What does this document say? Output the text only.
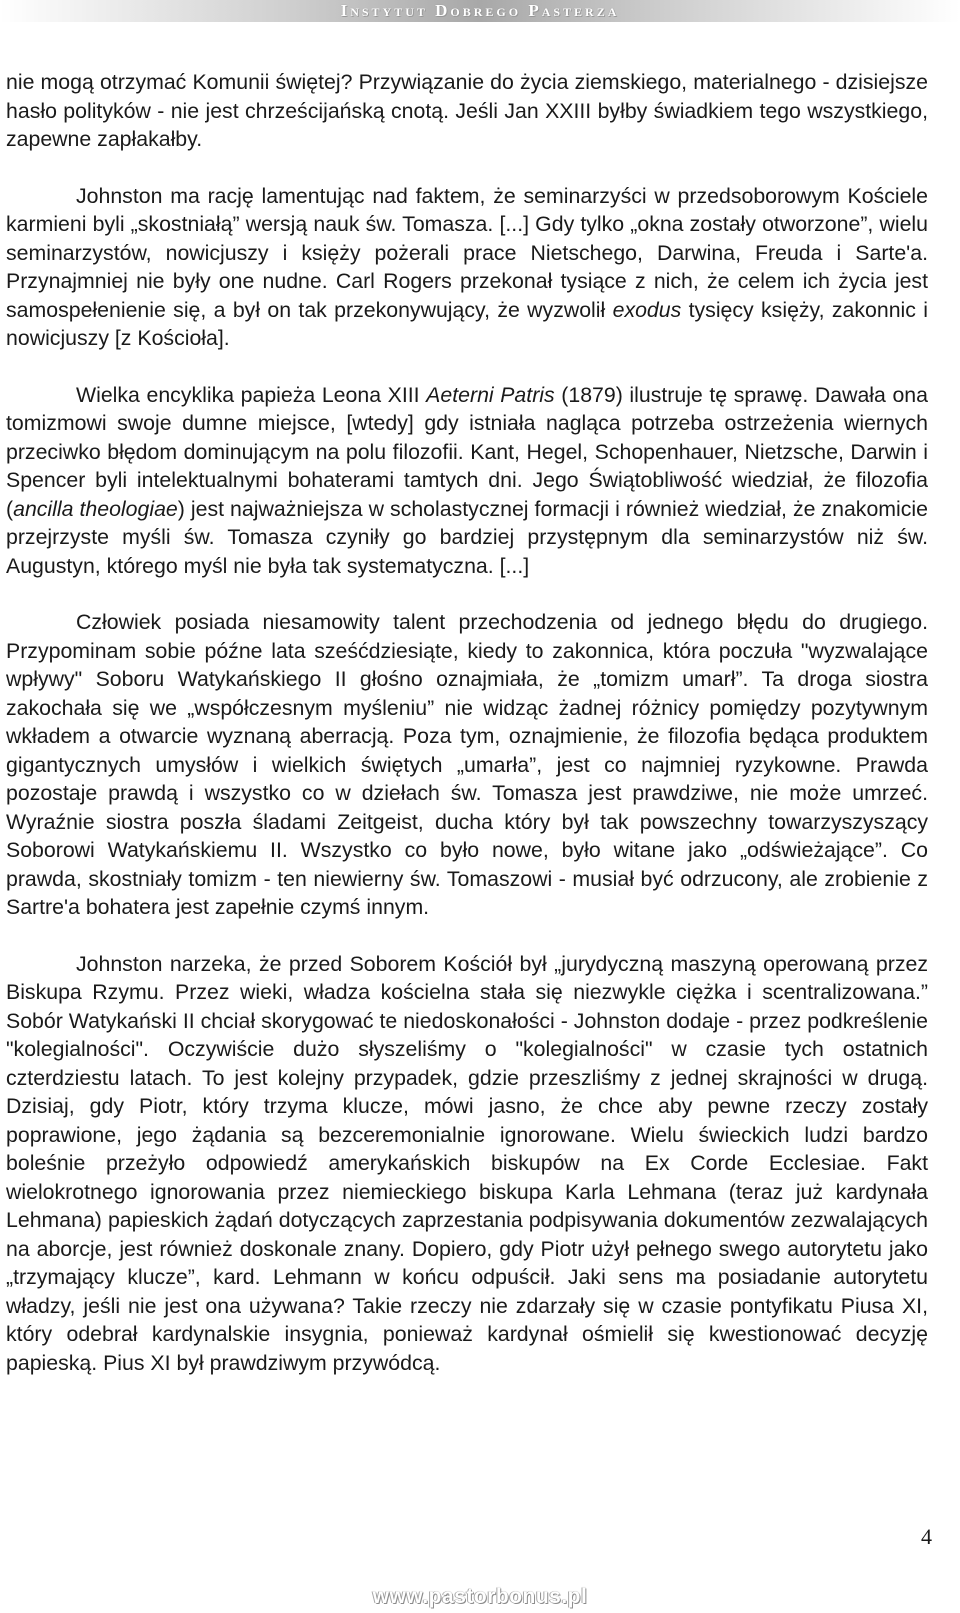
Instytut Dobrego Pasterza

nie mogą otrzymać Komunii świętej? Przywiązanie do życia ziemskiego, materialnego - dzisiejsze hasło polityków - nie jest chrześcijańską cnotą. Jeśli Jan XXIII byłby świadkiem tego wszystkiego, zapewne zapłakałby.

Johnston ma rację lamentując nad faktem, że seminarzyści w przedsoborowym Kościele karmieni byli „skostniałą” wersją nauk św. Tomasza. [...] Gdy tylko „okna zostały otworzone”, wielu seminarzystów, nowicjuszy i księży pożerali prace Nietschego, Darwina, Freuda i Sarte'a. Przynajmniej nie były one nudne. Carl Rogers przekonał tysiące z nich, że celem ich życia jest samospełenienie się, a był on tak przekonywujący, że wyzwolił exodus tysięcy księży, zakonnic i nowicjuszy [z Kościoła].

Wielka encyklika papieża Leona XIII Aeterni Patris (1879) ilustruje tę sprawę. Dawała ona tomizmowi swoje dumne miejsce, [wtedy] gdy istniała nagląca potrzeba ostrzeżenia wiernych przeciwko błędom dominującym na polu filozofii. Kant, Hegel, Schopenhauer, Nietzsche, Darwin i Spencer byli intelektualnymi bohaterami tamtych dni. Jego Świątobliwość wiedział, że filozofia (ancilla theologiae) jest najważniejsza w scholastycznej formacji i również wiedział, że znakomicie przejrzyste myśli św. Tomasza czyniły go bardziej przystępnym dla seminarzystów niż św. Augustyn, którego myśl nie była tak systematyczna. [...]

Człowiek posiada niesamowity talent przechodzenia od jednego błędu do drugiego. Przypominam sobie późne lata sześćdziesiąte, kiedy to zakonnica, która poczuła "wyzwalające wpływy" Soboru Watykańskiego II głośno oznajmiała, że „tomizm umarł”. Ta droga siostra zakochała się we „współczesnym myśleniu” nie widząc żadnej różnicy pomiędzy pozytywnym wkładem a otwarcie wyznaną aberracją. Poza tym, oznajmienie, że filozofia będąca produktem gigantycznych umysłów i wielkich świętych „umarła”, jest co najmniej ryzykowne. Prawda pozostaje prawdą i wszystko co w dziełach św. Tomasza jest prawdziwe, nie może umrzeć. Wyraźnie siostra poszła śladami Zeitgeist, ducha który był tak powszechny towarzyszyszący Soborowi Watykańskiemu II. Wszystko co było nowe, było witane jako „odświeżające”. Co prawda, skostniały tomizm - ten niewierny św. Tomaszowi - musiał być odrzucony, ale zrobienie z Sartre'a bohatera jest zapełnie czymś innym.

Johnston narzeka, że przed Soborem Kościół był „jurydyczną maszyną operowaną przez Biskupa Rzymu. Przez wieki, władza kościelna stała się niezwykle ciężka i scentralizowana.” Sobór Watykański II chciał skorygować te niedoskonałości - Johnston dodaje - przez podkreślenie "kolegialności". Oczywiście dużo słyszeliśmy o "kolegialności" w czasie tych ostatnich czterdziestu latach. To jest kolejny przypadek, gdzie przeszliśmy z jednej skrajności w drugą. Dzisiaj, gdy Piotr, który trzyma klucze, mówi jasno, że chce aby pewne rzeczy zostały poprawione, jego żądania są bezceremonialnie ignorowane. Wielu świeckich ludzi bardzo boleśnie przeżyło odpowiedź amerykańskich biskupów na Ex Corde Ecclesiae. Fakt wielokrotnego ignorowania przez niemieckiego biskupa Karla Lehmana (teraz już kardynała Lehmana) papieskich żądań dotyczących zaprzestania podpisywania dokumentów zezwalających na aborcje, jest również doskonale znany. Dopiero, gdy Piotr użył pełnego swego autorytetu jako „trzymający klucze”, kard. Lehmann w końcu odpuścił. Jaki sens ma posiadanie autorytetu władzy, jeśli nie jest ona używana? Takie rzeczy nie zdarzały się w czasie pontyfikatu Piusa XI, który odebrał kardynalskie insygnia, ponieważ kardynał ośmielił się kwestionować decyzję papieską. Pius XI był prawdziwym przywódcą.

4
www.pastorbonus.pl
